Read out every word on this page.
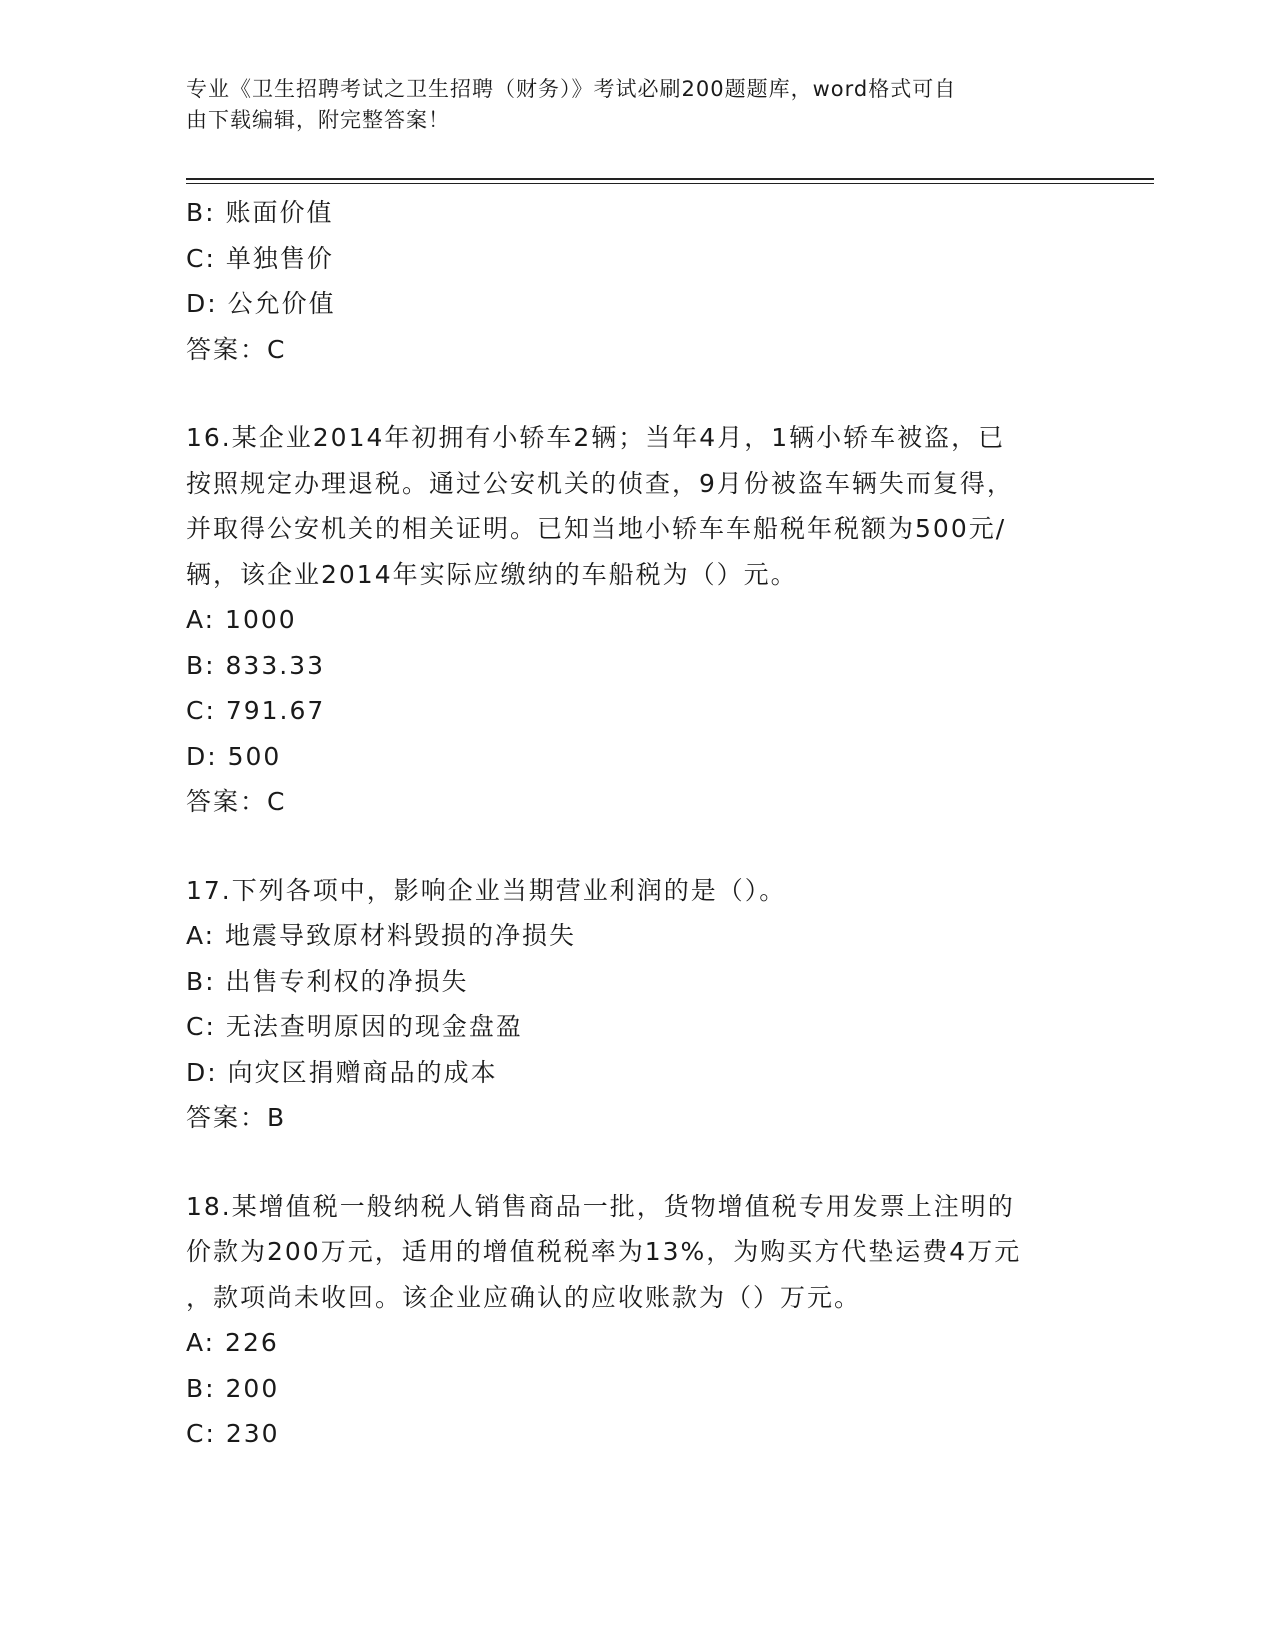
专业《卫生招聘考试之卫生招聘（财务）》考试必刷200题题库，word格式可自
由下载编辑，附完整答案！
B: 账面价值
C: 单独售价
D: 公允价值
答案：C
16.某企业2014年初拥有小轿车2辆；当年4月，1辆小轿车被盗，已
按照规定办理退税。通过公安机关的侦查，9月份被盗车辆失而复得，
并取得公安机关的相关证明。已知当地小轿车车船税年税额为500元/
辆，该企业2014年实际应缴纳的车船税为（）元。
A: 1000
B: 833.33
C: 791.67
D: 500
答案：C
17.下列各项中，影响企业当期营业利润的是（）。
A: 地震导致原材料毁损的净损失
B: 出售专利权的净损失
C: 无法查明原因的现金盘盈
D: 向灾区捐赠商品的成本
答案：B
18.某增值税一般纳税人销售商品一批，货物增值税专用发票上注明的
价款为200万元，适用的增值税税率为13%，为购买方代垫运费4万元
，款项尚未收回。该企业应确认的应收账款为（）万元。
A: 226
B: 200
C: 230
